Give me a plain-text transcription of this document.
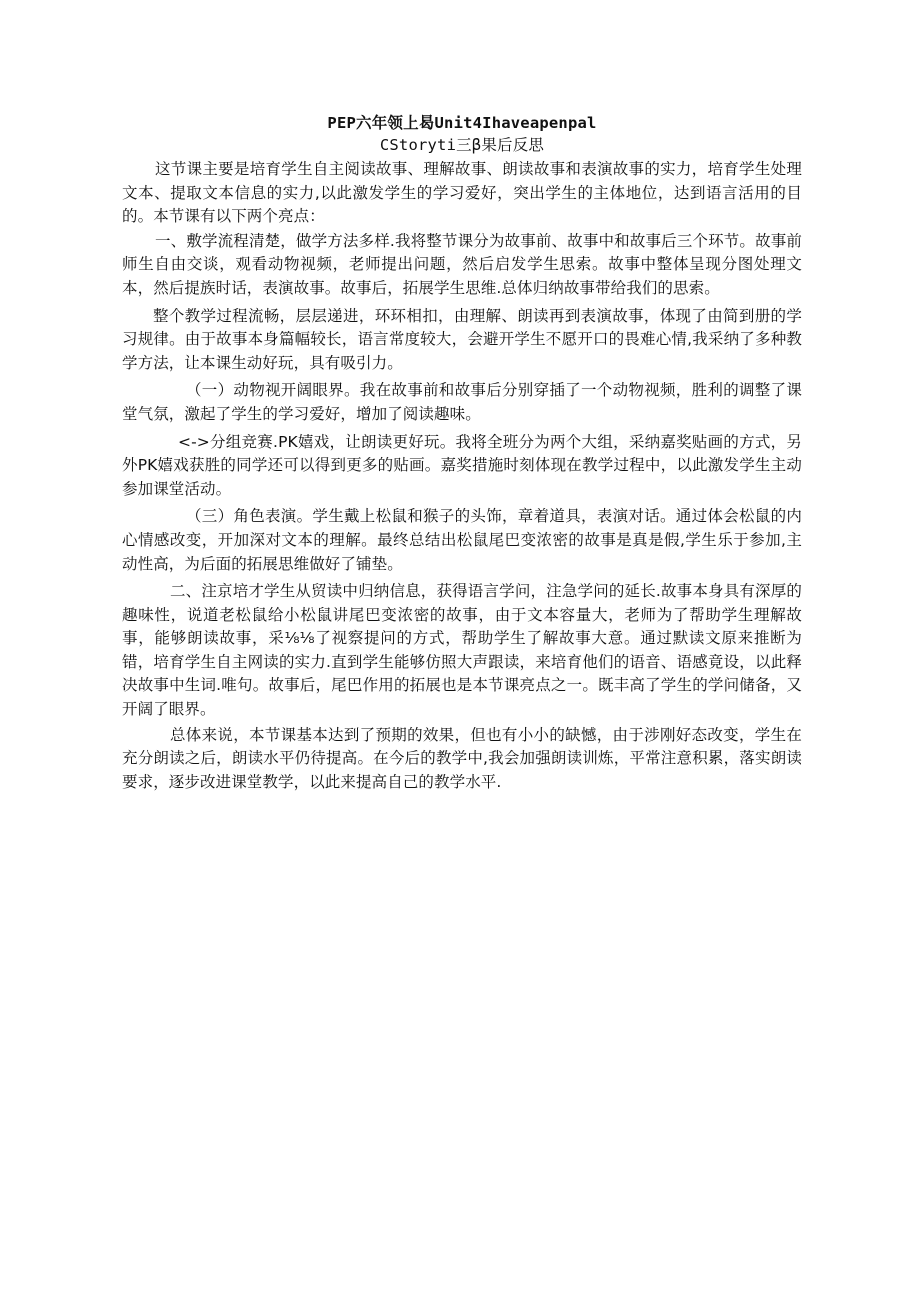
PEP六年领上曷Unit4Ihaveapenpal

CStoryti三β果后反思

这节课主要是培育学生自主阅读故事、理解故事、朗读故事和表演故事的实力，培育学生处理文本、提取文本信息的实力,以此激发学生的学习爱好，突出学生的主体地位，达到语言活用的目的。本节课有以下两个亮点：

一、敷学流程清楚，做学方法多样.我将整节课分为故事前、故事中和故事后三个环节。故事前师生自由交谈，观看动物视频，老师提出问题，然后启发学生思索。故事中整体呈现分图处理文本，然后提族时话，表演故事。故事后，拓展学生思维.总体归纳故事带给我们的思索。

整个教学过程流畅，层层递进，环环相扣，由理解、朗读再到表演故事，体现了由简到册的学习规律。由于故事本身篇幅较长，语言常度较大，会避开学生不愿开口的畏难心情,我采纳了多种教学方法，让本课生动好玩，具有吸引力。

（一）动物视开阔眼界。我在故事前和故事后分别穿插了一个动物视频，胜利的调整了课堂气氛，激起了学生的学习爱好，增加了阅读趣味。

<->分组竞赛.PK嬉戏，让朗读更好玩。我将全班分为两个大组，采纳嘉奖贴画的方式，另外PK嬉戏获胜的同学还可以得到更多的贴画。嘉奖措施时刻体现在教学过程中，以此激发学生主动参加课堂活动。

（三）角色表演。学生戴上松鼠和猴子的头饰，章着道具，表演对话。通过体会松鼠的内心情感改变，开加深对文本的理解。最终总结出松鼠尾巴变浓密的故事是真是假,学生乐于参加,主动性高，为后面的拓展思维做好了铺垫。

二、注京培才学生从贸读中归纳信息，获得语言学问，注急学问的延长.故事本身具有深厚的趣味性，说道老松鼠给小松鼠讲尾巴变浓密的故事，由于文本容量大，老师为了帮助学生理解故事，能够朗读故事，采⅛⅛了视察提问的方式，帮助学生了解故事大意。通过默读文原来推断为错，培育学生自主网读的实力.直到学生能够仿照大声跟读，来培育他们的语音、语感竟设，以此释决故事中生词.唯句。故事后，尾巴作用的拓展也是本节课亮点之一。既丰高了学生的学问储备，又开阔了眼界。

总体来说，本节课基本达到了预期的效果，但也有小小的缺憾，由于涉刚好态改变，学生在充分朗读之后，朗读水平仍待提高。在今后的教学中,我会加强朗读训炼，平常注意积累，落实朗读要求，逐步改进课堂教学，以此来提高自己的教学水平.
